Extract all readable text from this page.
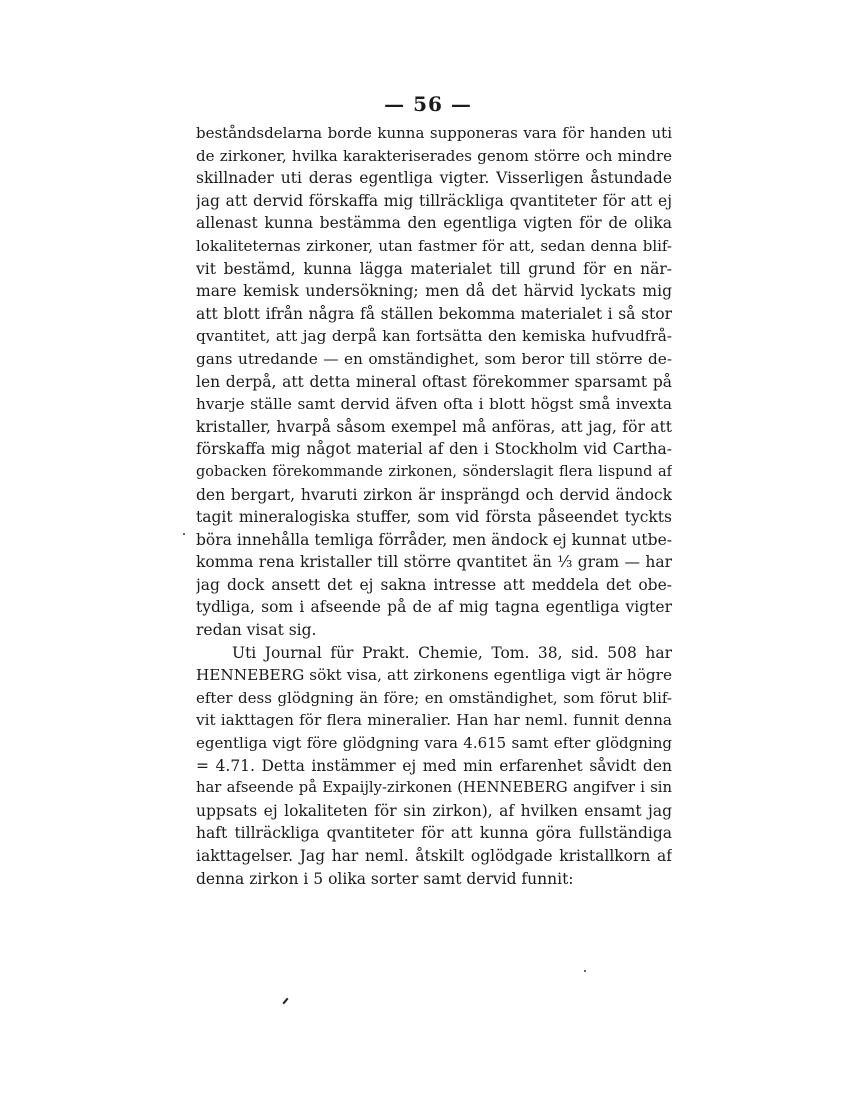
— 56 —
beståndsdelarna borde kunna supponeras vara för handen uti
de zirkoner, hvilka karakteriserades genom större och mindre
skillnader uti deras egentliga vigter. Visserligen åstundade
jag att dervid förskaffa mig tillräckliga qvantiteter för att ej
allenast kunna bestämma den egentliga vigten för de olika
lokaliteternas zirkoner, utan fastmer för att, sedan denna blif-
vit bestämd, kunna lägga materialet till grund för en när-
mare kemisk undersökning; men då det härvid lyckats mig
att blott ifrån några få ställen bekomma materialet i så stor
qvantitet, att jag derpå kan fortsätta den kemiska hufvudfrå-
gans utredande — en omständighet, som beror till större de-
len derpå, att detta mineral oftast förekommer sparsamt på
hvarje ställe samt dervid äfven ofta i blott högst små invexta
kristaller, hvarpå såsom exempel må anföras, att jag, för att
förskaffa mig något material af den i Stockholm vid Cartha-
gobacken förekommande zirkonen, sönderslagit flera lispund af
den bergart, hvaruti zirkon är insprängd och dervid ändock
tagit mineralogiska stuffer, som vid första påseendet tyckts
böra innehålla temliga förråder, men ändock ej kunnat utbe-
komma rena kristaller till större qvantitet än ⅓ gram — har
jag dock ansett det ej sakna intresse att meddela det obe-
tydliga, som i afseende på de af mig tagna egentliga vigter
redan visat sig.
Uti Journal für Prakt. Chemie, Tom. 38, sid. 508 har
HENNEBERG sökt visa, att zirkonens egentliga vigt är högre
efter dess glödgning än före; en omständighet, som förut blif-
vit iakttagen för flera mineralier. Han har neml. funnit denna
egentliga vigt före glödgning vara 4.615 samt efter glödgning
= 4.71. Detta instämmer ej med min erfarenhet såvidt den
har afseende på Expaijly-zirkonen (HENNEBERG angifver i sin
uppsats ej lokaliteten för sin zirkon), af hvilken ensamt jag
haft tillräckliga qvantiteter för att kunna göra fullständiga
iakttagelser. Jag har neml. åtskilt oglödgade kristallkorn af
denna zirkon i 5 olika sorter samt dervid funnit:
